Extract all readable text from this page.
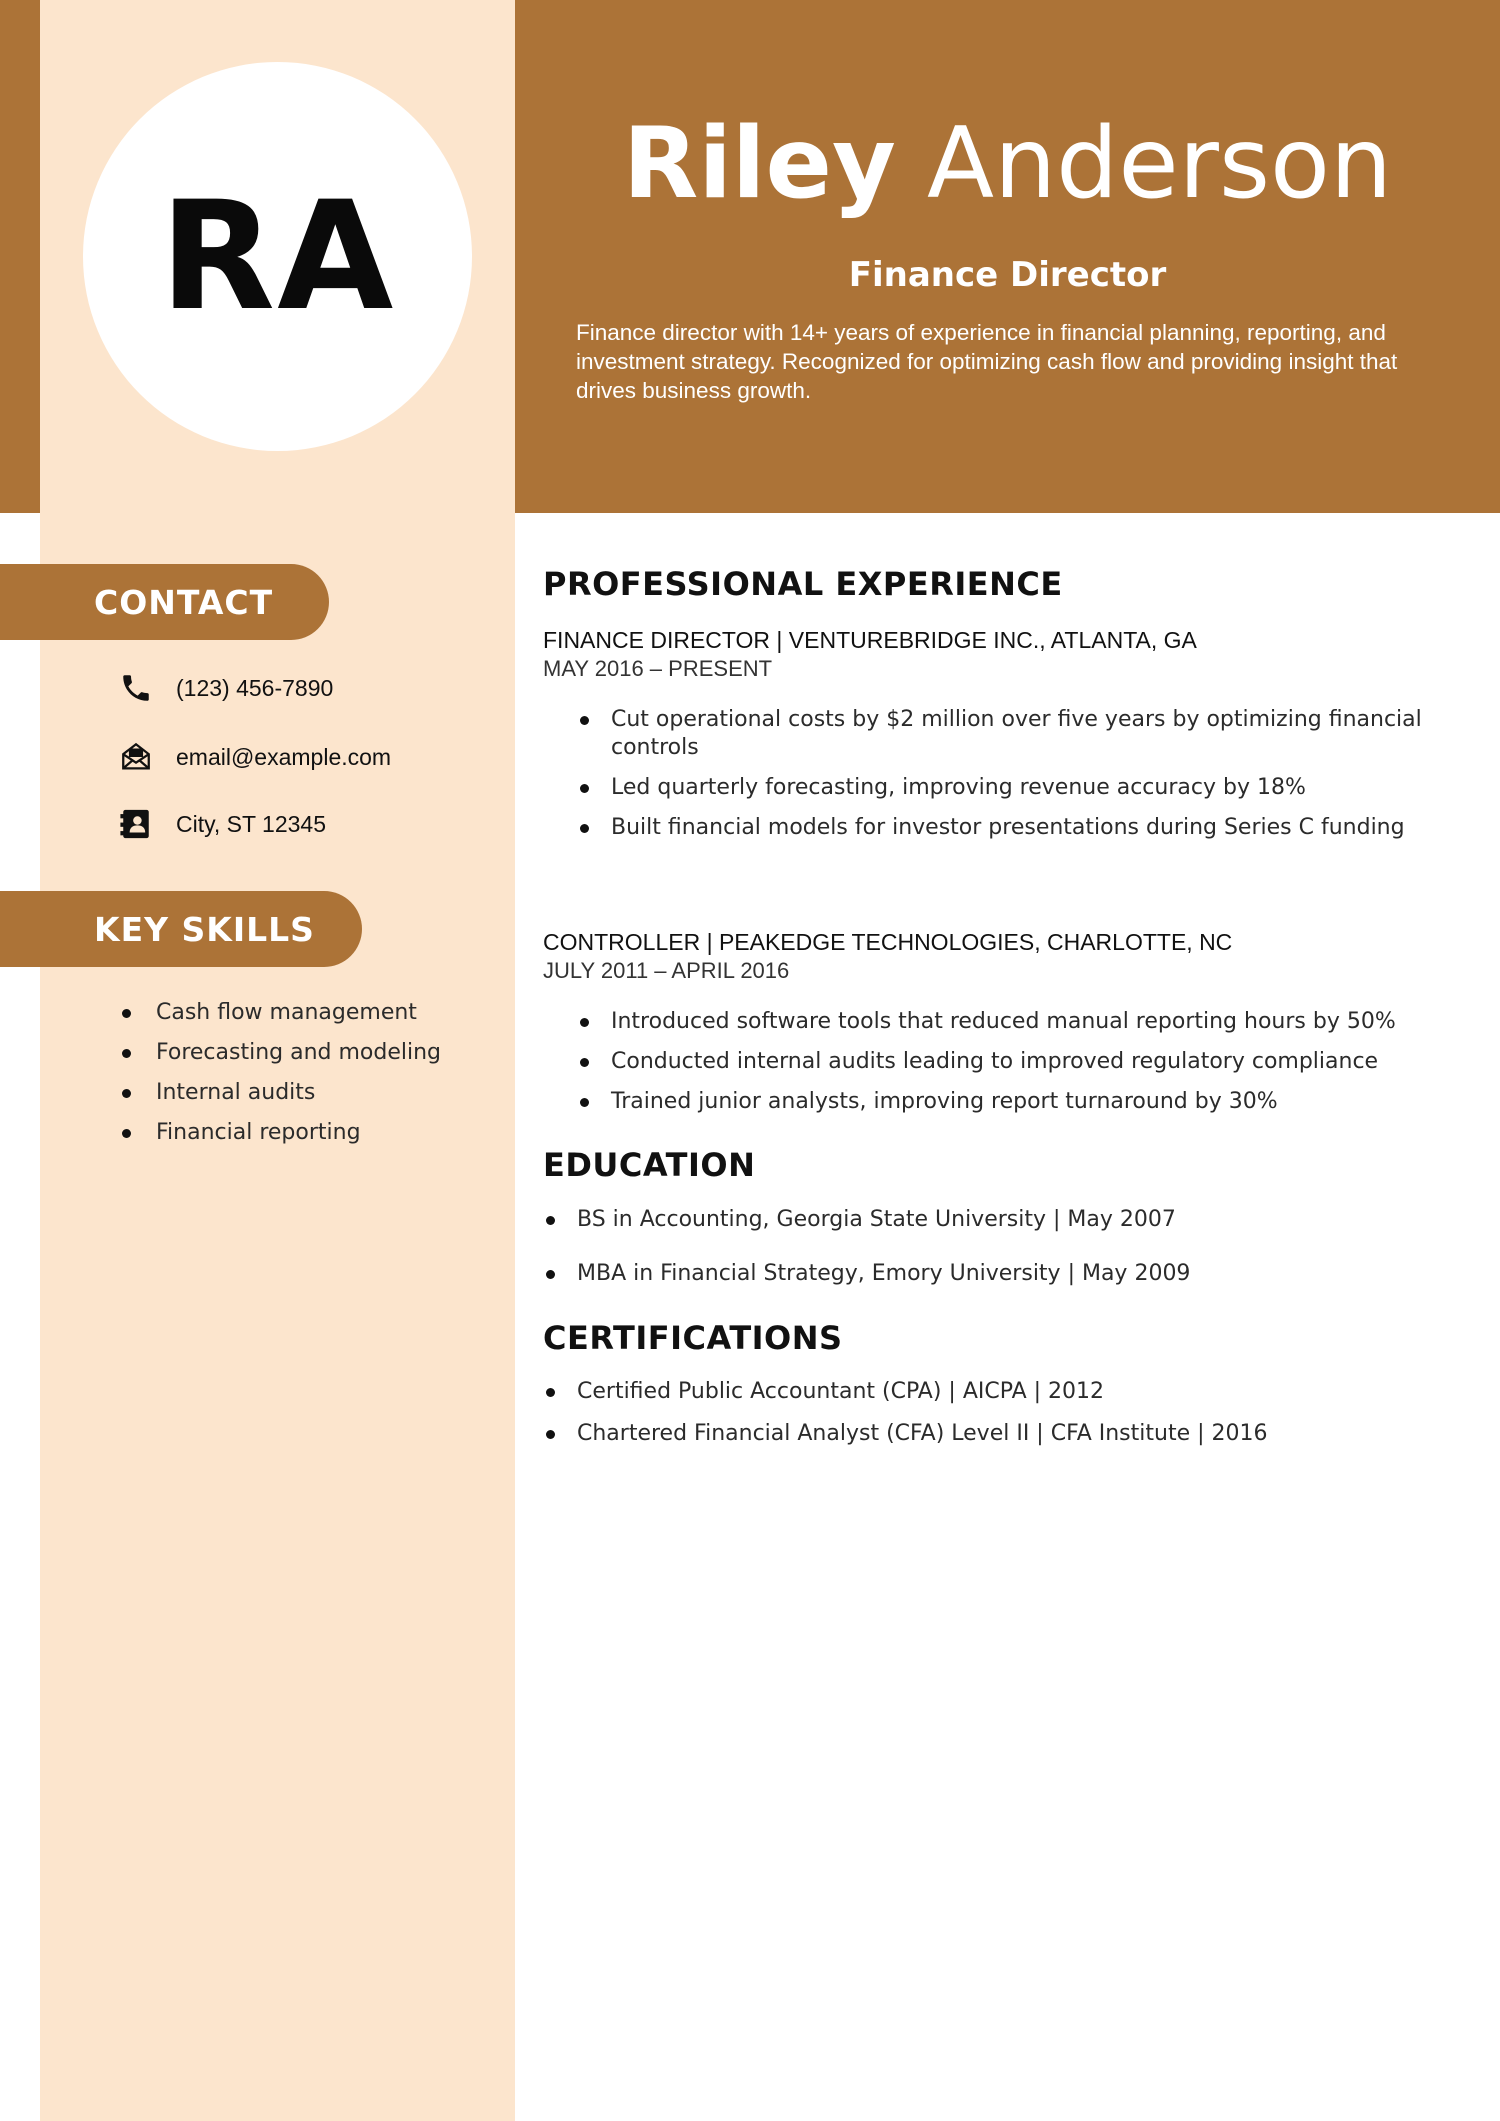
RA
Riley Anderson
Finance Director
Finance director with 14+ years of experience in financial planning, reporting, and investment strategy. Recognized for optimizing cash flow and providing insight that drives business growth.
CONTACT
(123) 456-7890
email@example.com
City, ST 12345
KEY SKILLS
Cash flow management
Forecasting and modeling
Internal audits
Financial reporting
PROFESSIONAL EXPERIENCE
FINANCE DIRECTOR | VENTUREBRIDGE INC., ATLANTA, GA
MAY 2016 – PRESENT
Cut operational costs by $2 million over five years by optimizing financial controls
Led quarterly forecasting, improving revenue accuracy by 18%
Built financial models for investor presentations during Series C funding
CONTROLLER | PEAKEDGE TECHNOLOGIES, CHARLOTTE, NC
JULY 2011 – APRIL 2016
Introduced software tools that reduced manual reporting hours by 50%
Conducted internal audits leading to improved regulatory compliance
Trained junior analysts, improving report turnaround by 30%
EDUCATION
BS in Accounting, Georgia State University | May 2007
MBA in Financial Strategy, Emory University | May 2009
CERTIFICATIONS
Certified Public Accountant (CPA) | AICPA | 2012
Chartered Financial Analyst (CFA) Level II | CFA Institute | 2016
